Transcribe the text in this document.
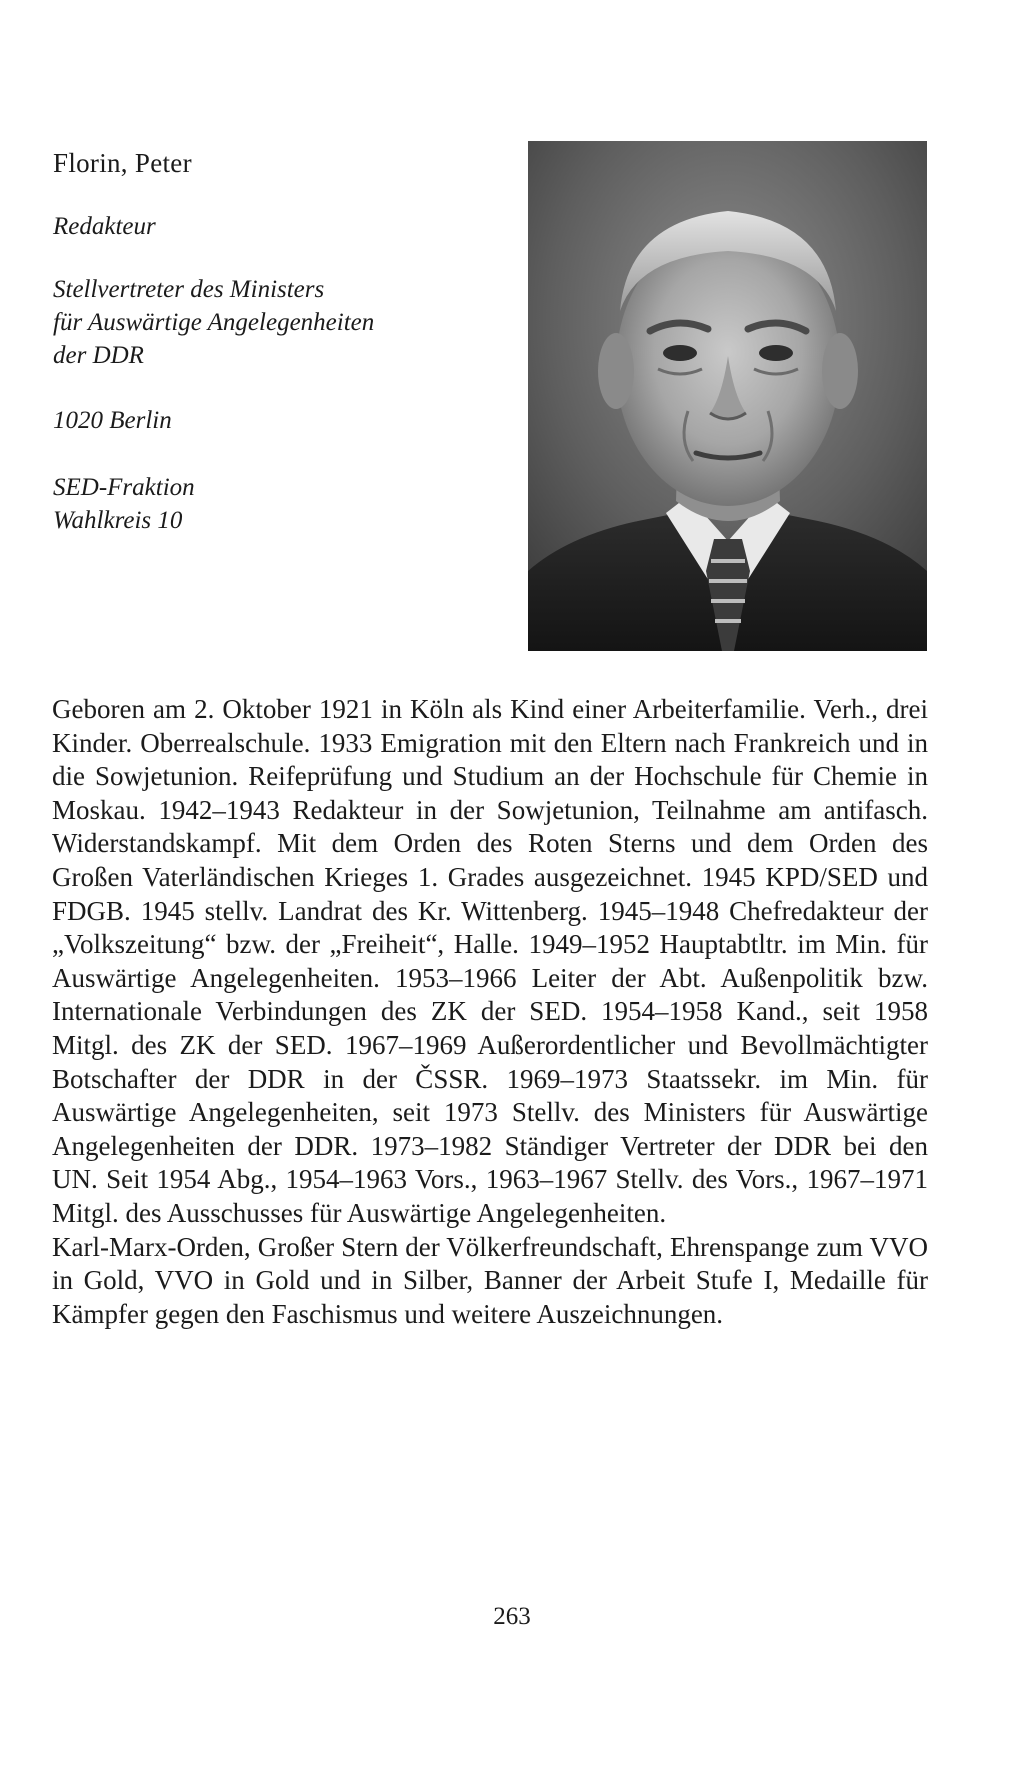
Florin, Peter
Redakteur
Stellvertreter des Ministers
für Auswärtige Angelegenheiten
der DDR
1020 Berlin
SED-Fraktion
Wahlkreis 10

Geboren am 2. Oktober 1921 in Köln als Kind einer Arbeiterfamilie. Verh., drei Kinder. Oberrealschule. 1933 Emigration mit den Eltern nach Frankreich und in die Sowjetunion. Reifeprüfung und Studium an der Hochschule für Chemie in Moskau. 1942–1943 Redakteur in der Sowjetunion, Teilnahme am antifasch. Widerstandskampf. Mit dem Orden des Roten Sterns und dem Orden des Großen Vaterländischen Krieges 1. Grades ausgezeichnet. 1945 KPD/SED und FDGB. 1945 stellv. Landrat des Kr. Wittenberg. 1945–1948 Chefredakteur der „Volkszeitung“ bzw. der „Freiheit“, Halle. 1949–1952 Hauptabtltr. im Min. für Auswärtige Angelegenheiten. 1953–1966 Leiter der Abt. Außenpolitik bzw. Internationale Verbindungen des ZK der SED. 1954–1958 Kand., seit 1958 Mitgl. des ZK der SED. 1967–1969 Außerordentlicher und Bevollmächtigter Botschafter der DDR in der ČSSR. 1969–1973 Staatssekr. im Min. für Auswärtige Angelegenheiten, seit 1973 Stellv. des Ministers für Auswärtige Angelegenheiten der DDR. 1973–1982 Ständiger Vertreter der DDR bei den UN. Seit 1954 Abg., 1954–1963 Vors., 1963–1967 Stellv. des Vors., 1967–1971 Mitgl. des Ausschusses für Auswärtige Angelegenheiten.

Karl-Marx-Orden, Großer Stern der Völkerfreundschaft, Ehrenspange zum VVO in Gold, VVO in Gold und in Silber, Banner der Arbeit Stufe I, Medaille für Kämpfer gegen den Faschismus und weitere Auszeichnungen.

263
